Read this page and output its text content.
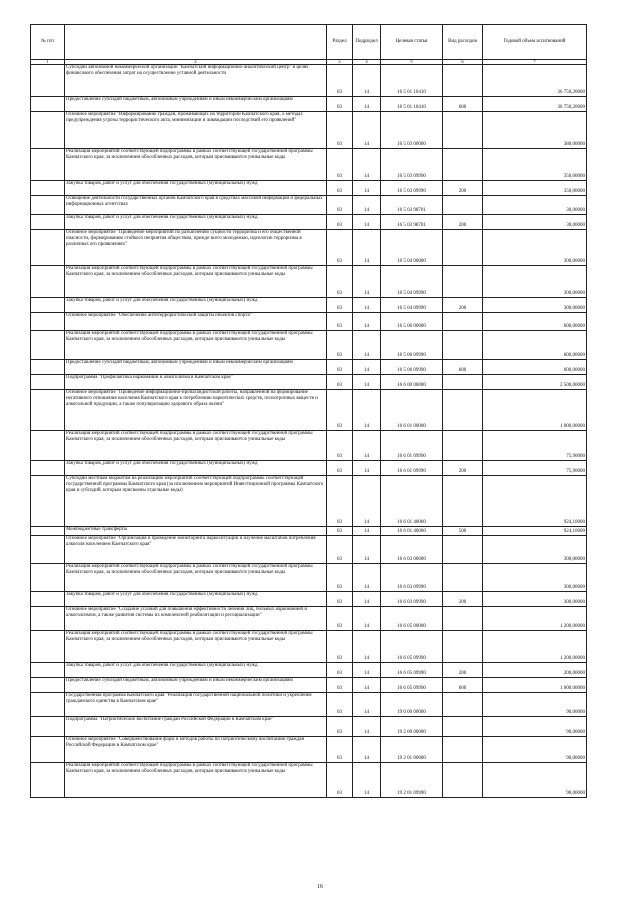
№ п/п		Раздел	Подраздел	Целевая статья	Вид расходов	Годовой объем ассигнований
1	2	3	4	5	6	7
	Субсидии автономной некоммерческой организации "Камчатский информационно-аналитический центр" в целях финансового обеспечения затрат на осуществление уставной деятельности	03	14	16 5 01 10410		36 750,20000
	Предоставление субсидий бюджетным, автономным учреждениям и иным некоммерческим организациям	03	14	16 5 01 10410	600	36 750,20000
	Основное мероприятие "Информирование граждан, проживающих на территории Камчатского края, о методах предупреждения угрозы террористического акта, минимизации и ликвидации последствий его проявлений"	03	14	16 5 03 00000		380,00000
	Реализация мероприятий соответствующей подпрограммы в рамках соответствующей государственной программы Камчатского края, за исключением обособленных расходов, которым присваиваются уникальные коды	03	14	16 5 03 09990		350,00000
	Закупка товаров, работ и услуг для обеспечения государственных (муниципальных) нужд	03	14	16 5 03 09990	200	350,00000
	Освещение деятельности государственных органов Камчатского края в средствах массовой информации и федеральных информационных агентствах	03	14	16 5 03 98701		30,00000
	Закупка товаров, работ и услуг для обеспечения государственных (муниципальных) нужд	03	14	16 5 03 98701	200	30,00000
	Основное мероприятие "Проведение мероприятий по разъяснению сущности терроризма и его общественной опасности, формированию стойкого неприятия обществом, прежде всего молодежью, идеологии терроризма в различных его проявлениях"	03	14	16 5 04 00000		300,00000
	Реализация мероприятий соответствующей подпрограммы в рамках соответствующей государственной программы Камчатского края, за исключением обособленных расходов, которым присваиваются уникальные коды	03	14	16 5 04 09990		300,00000
	Закупка товаров, работ и услуг для обеспечения государственных (муниципальных) нужд	03	14	16 5 04 09990	200	300,00000
	Основное мероприятие "Обеспечение антитеррористической защиты объектов спорта"	03	14	16 5 06 00000		600,00000
	Реализация мероприятий соответствующей подпрограммы в рамках соответствующей государственной программы Камчатского края, за исключением обособленных расходов, которым присваиваются уникальные коды	03	14	16 5 06 09990		600,00000
	Предоставление субсидий бюджетным, автономным учреждениям и иным некоммерческим организациям	03	14	16 5 06 09990	600	600,00000
	Подпрограмма "Профилактика наркомании и алкоголизма в Камчатском крае"	03	14	16 6 00 00000		2 500,00000
	Основное мероприятие "Проведение информационно-пропагандистской работы, направленной на формирование негативного отношения населения Камчатского края к потреблению наркотических средств, психотропных веществ и алкогольной продукции, а также популяризацию здорового образа жизни"	03	14	16 6 01 00000		1 000,00000
	Реализация мероприятий соответствующей подпрограммы в рамках соответствующей государственной программы Камчатского края, за исключением обособленных расходов, которым присваиваются уникальные коды	03	14	16 6 01 09990		75,90000
	Закупка товаров, работ и услуг для обеспечения государственных (муниципальных) нужд	03	14	16 6 01 09990	200	75,90000
	Субсидии местным бюджетам на реализацию мероприятий соответствующей подпрограммы соответствующей государственной программы Камчатского края (за исключением мероприятий Инвестиционной программы Камчатского края и субсидий, которым присвоены отдельные коды)	03	14	16 6 01 40060		924,10000
	Межбюджетные трансферты	03	14	16 6 01 40060	500	924,10000
	Основное мероприятие "Организация и проведение мониторинга наркоситуации и изучение масштабов потребления алкоголя населением Камчатского края"	03	14	16 6 03 00000		300,00000
	Реализация мероприятий соответствующей подпрограммы в рамках соответствующей государственной программы Камчатского края, за исключением обособленных расходов, которым присваиваются уникальные коды	03	14	16 6 03 09990		300,00000
	Закупка товаров, работ и услуг для обеспечения государственных (муниципальных) нужд	03	14	16 6 03 09990	200	300,00000
	Основное мероприятие "Создание условий для повышения эффективности лечения лиц, больных наркоманией и алкоголизмом, а также развития системы их комплексной реабилитации и ресоциализации"	03	14	16 6 05 00000		1 200,00000
	Реализация мероприятий соответствующей подпрограммы в рамках соответствующей государственной программы Камчатского края, за исключением обособленных расходов, которым присваиваются уникальные коды	03	14	16 6 05 09990		1 200,00000
	Закупка товаров, работ и услуг для обеспечения государственных (муниципальных) нужд	03	14	16 6 05 09990	200	200,00000
	Предоставление субсидий бюджетным, автономным учреждениям и иным некоммерческим организациям	03	14	16 6 05 09990	600	1 000,00000
	Государственная программа Камчатского края "Реализация государственной национальной политики и укрепление гражданского единства в Камчатском крае"	03	14	19 0 00 00000		90,00000
	Подпрограмма "Патриотическое воспитание граждан Российской Федерации в Камчатском крае"	03	14	19 2 00 00000		90,00000
	Основное мероприятие "Совершенствование форм и методов работы по патриотическому воспитанию граждан Российской Федерации в Камчатском крае"	03	14	19 2 01 00000		90,00000
	Реализация мероприятий соответствующей подпрограммы в рамках соответствующей государственной программы Камчатского края, за исключением обособленных расходов, которым присваиваются уникальные коды	03	14	19 2 01 09990		90,00000
16
